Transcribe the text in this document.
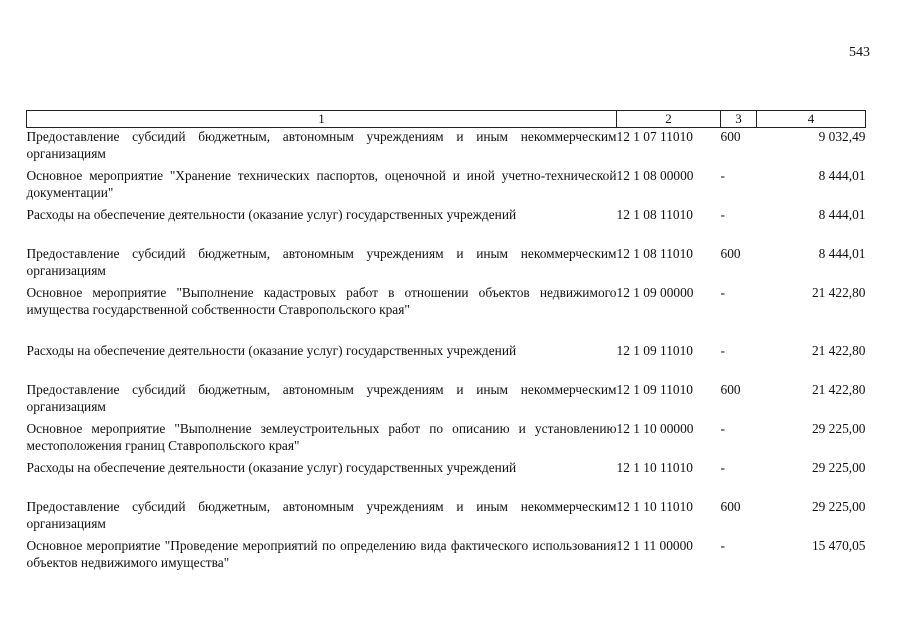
543
1	2	3	4
Предоставление субсидий бюджетным, автономным учреждениям и иным некоммерческим организациям	12 1 07 11010	600	9 032,49
Основное мероприятие "Хранение технических паспортов, оценочной и иной учетно-технической документации"	12 1 08 00000	-	8 444,01
Расходы на обеспечение деятельности (оказание услуг) государственных учреждений	12 1 08 11010	-	8 444,01
Предоставление субсидий бюджетным, автономным учреждениям и иным некоммерческим организациям	12 1 08 11010	600	8 444,01
Основное мероприятие "Выполнение кадастровых работ в отношении объектов недвижимого имущества государственной собственности Ставропольского края"	12 1 09 00000	-	21 422,80
Расходы на обеспечение деятельности (оказание услуг) государственных учреждений	12 1 09 11010	-	21 422,80
Предоставление субсидий бюджетным, автономным учреждениям и иным некоммерческим организациям	12 1 09 11010	600	21 422,80
Основное мероприятие "Выполнение землеустроительных работ по описанию и установлению местоположения границ Ставропольского края"	12 1 10 00000	-	29 225,00
Расходы на обеспечение деятельности (оказание услуг) государственных учреждений	12 1 10 11010	-	29 225,00
Предоставление субсидий бюджетным, автономным учреждениям и иным некоммерческим организациям	12 1 10 11010	600	29 225,00
Основное мероприятие "Проведение мероприятий по определению вида фактического использования объектов недвижимого имущества"	12 1 11 00000	-	15 470,05
